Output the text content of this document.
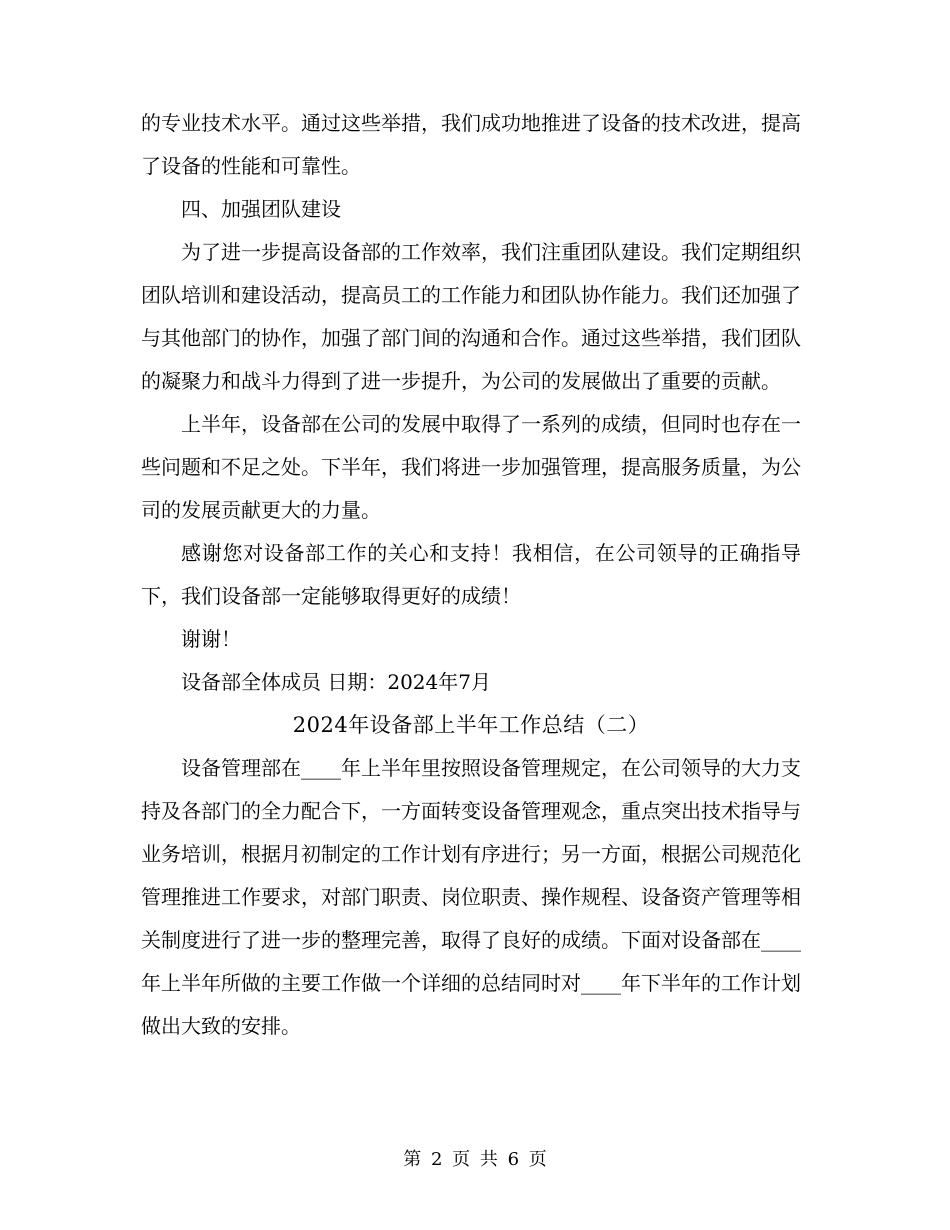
的专业技术水平。通过这些举措，我们成功地推进了设备的技术改进，提高了设备的性能和可靠性。

四、加强团队建设

为了进一步提高设备部的工作效率，我们注重团队建设。我们定期组织团队培训和建设活动，提高员工的工作能力和团队协作能力。我们还加强了与其他部门的协作，加强了部门间的沟通和合作。通过这些举措，我们团队的凝聚力和战斗力得到了进一步提升，为公司的发展做出了重要的贡献。

上半年，设备部在公司的发展中取得了一系列的成绩，但同时也存在一些问题和不足之处。下半年，我们将进一步加强管理，提高服务质量，为公司的发展贡献更大的力量。

感谢您对设备部工作的关心和支持！我相信，在公司领导的正确指导下，我们设备部一定能够取得更好的成绩！

谢谢！

设备部全体成员 日期：2024年7月

2024年设备部上半年工作总结（二）

设备管理部在____年上半年里按照设备管理规定，在公司领导的大力支持及各部门的全力配合下，一方面转变设备管理观念，重点突出技术指导与业务培训，根据月初制定的工作计划有序进行；另一方面，根据公司规范化管理推进工作要求，对部门职责、岗位职责、操作规程、设备资产管理等相关制度进行了进一步的整理完善，取得了良好的成绩。下面对设备部在____年上半年所做的主要工作做一个详细的总结同时对____年下半年的工作计划做出大致的安排。

第 2 页 共 6 页
